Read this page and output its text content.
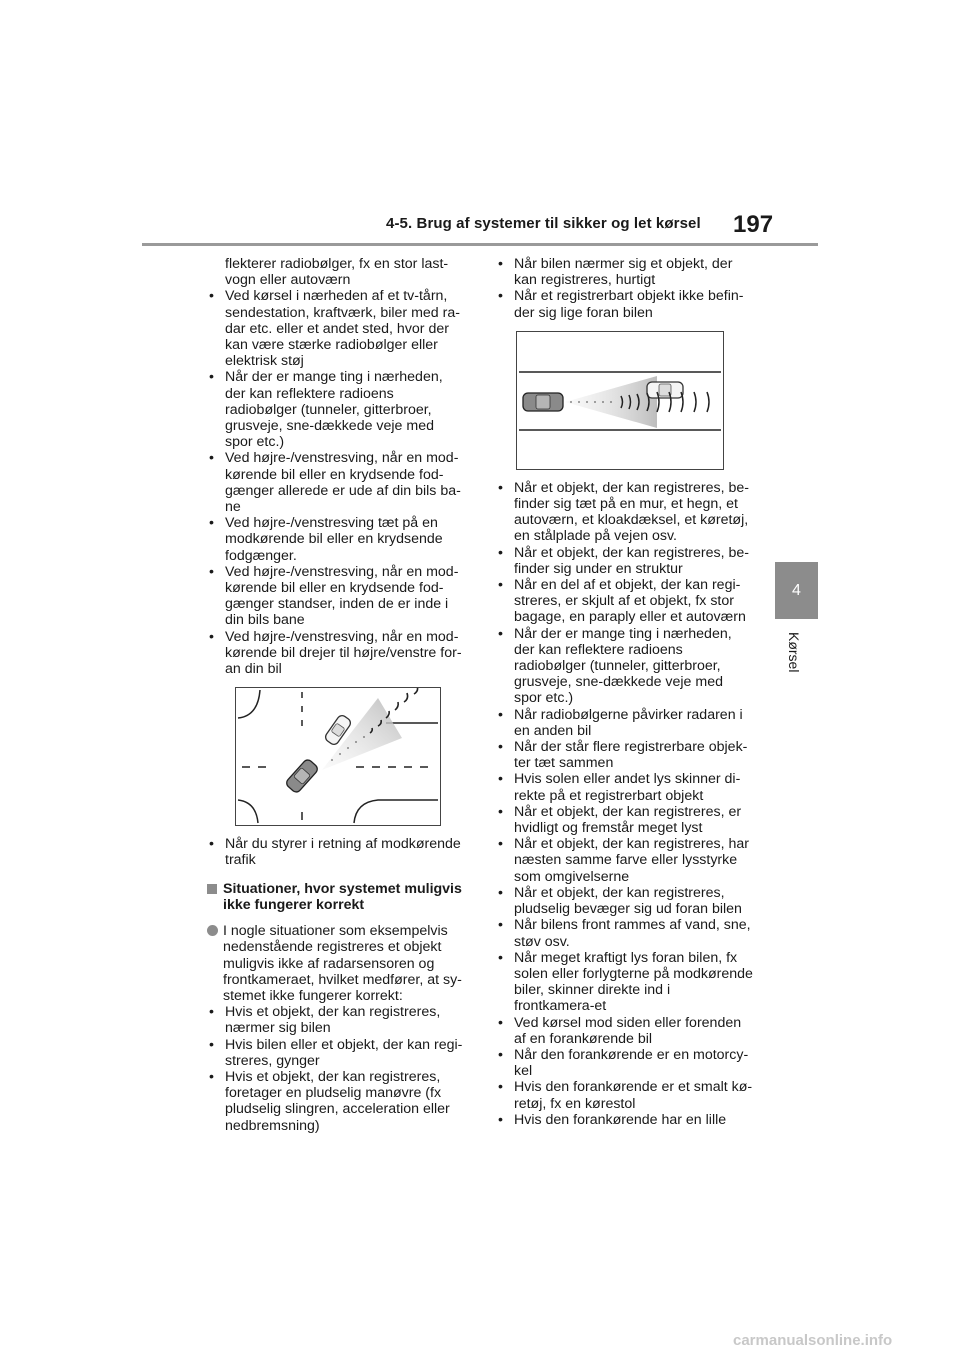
4-5. Brug af systemer til sikker og let kørsel 197
4
Kørsel
flekterer radiobølger, fx en stor last-vogn eller autoværn
• Ved kørsel i nærheden af et tv-tårn, sendestation, kraftværk, biler med ra-dar etc. eller et andet sted, hvor der kan være stærke radiobølger eller elektrisk støj
• Når der er mange ting i nærheden, der kan reflektere radioens radiobølger (tunneler, gitterbroer, grusveje, sne-dækkede veje med spor etc.)
• Ved højre-/venstresving, når en mod-kørende bil eller en krydsende fod-gænger allerede er ude af din bils ba-ne
• Ved højre-/venstresving tæt på en modkørende bil eller en krydsende fodgænger.
• Ved højre-/venstresving, når en mod-kørende bil eller en krydsende fod-gænger standser, inden de er inde i din bils bane
• Ved højre-/venstresving, når en mod-kørende bil drejer til højre/venstre for-an din bil
• Når du styrer i retning af modkørende trafik
Situationer, hvor systemet muligvis ikke fungerer korrekt
I nogle situationer som eksempelvis nedenstående registreres et objekt muligvis ikke af radarsensoren og frontkameraet, hvilket medfører, at sy-stemet ikke fungerer korrekt:
• Hvis et objekt, der kan registreres, nærmer sig bilen
• Hvis bilen eller et objekt, der kan regi-streres, gynger
• Hvis et objekt, der kan registreres, foretager en pludselig manøvre (fx pludselig slingren, acceleration eller nedbremsning)
• Når bilen nærmer sig et objekt, der kan registreres, hurtigt
• Når et registrerbart objekt ikke befin-der sig lige foran bilen
• Når et objekt, der kan registreres, be-finder sig tæt på en mur, et hegn, et autoværn, et kloakdæksel, et køretøj, en stålplade på vejen osv.
• Når et objekt, der kan registreres, be-finder sig under en struktur
• Når en del af et objekt, der kan regi-streres, er skjult af et objekt, fx stor bagage, en paraply eller et autoværn
• Når der er mange ting i nærheden, der kan reflektere radioens radiobølger (tunneler, gitterbroer, grusveje, sne-dækkede veje med spor etc.)
• Når radiobølgerne påvirker radaren i en anden bil
• Når der står flere registrerbare objek-ter tæt sammen
• Hvis solen eller andet lys skinner di-rekte på et registrerbart objekt
• Når et objekt, der kan registreres, er hvidligt og fremstår meget lyst
• Når et objekt, der kan registreres, har næsten samme farve eller lysstyrke som omgivelserne
• Når et objekt, der kan registreres, pludselig bevæger sig ud foran bilen
• Når bilens front rammes af vand, sne, støv osv.
• Når meget kraftigt lys foran bilen, fx solen eller forlygterne på modkørende biler, skinner direkte ind i frontkamera-et
• Ved kørsel mod siden eller forenden af en forankørende bil
• Når den forankørende er en motorcy-kel
• Hvis den forankørende er et smalt kø-retøj, fx en kørestol
• Hvis den forankørende har en lille
carmanualsonline.info
